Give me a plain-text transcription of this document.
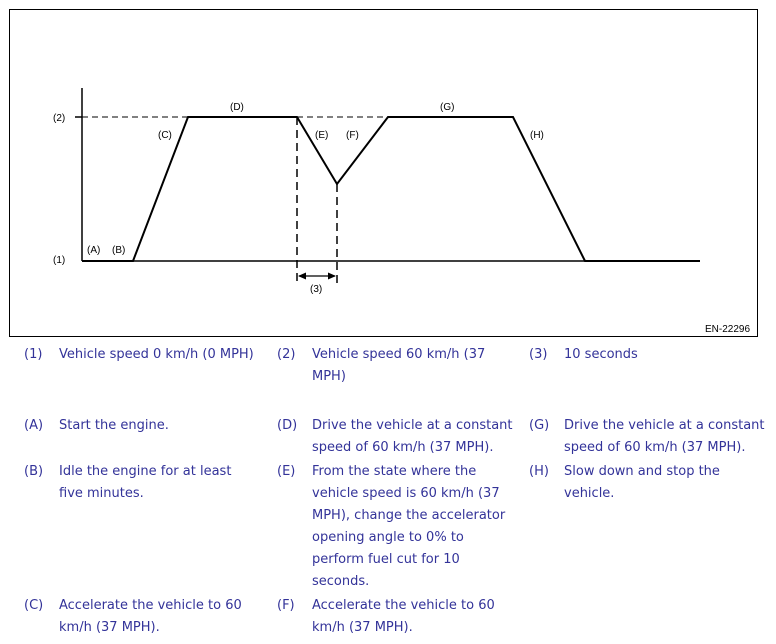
(2)
(1)
(A) (B)
(C)
(D)
(E) (F)
(G)
(H)
(3)
EN-22296
(1) Vehicle speed 0 km/h (0 MPH)	(2) Vehicle speed 60 km/h (37 MPH)
(3) 10 seconds
(A) Start the engine.
(B) Idle the engine for at least five minutes.
(C) Accelerate the vehicle to 60 km/h (37 MPH).
(D) Drive the vehicle at a constant speed of 60 km/h (37 MPH).
(E) From the state where the vehicle speed is 60 km/h (37 MPH), change the accelerator opening angle to 0% to perform fuel cut for 10 seconds.
(F) Accelerate the vehicle to 60 km/h (37 MPH).
(G) Drive the vehicle at a constant speed of 60 km/h (37 MPH).
(H) Slow down and stop the vehicle.
